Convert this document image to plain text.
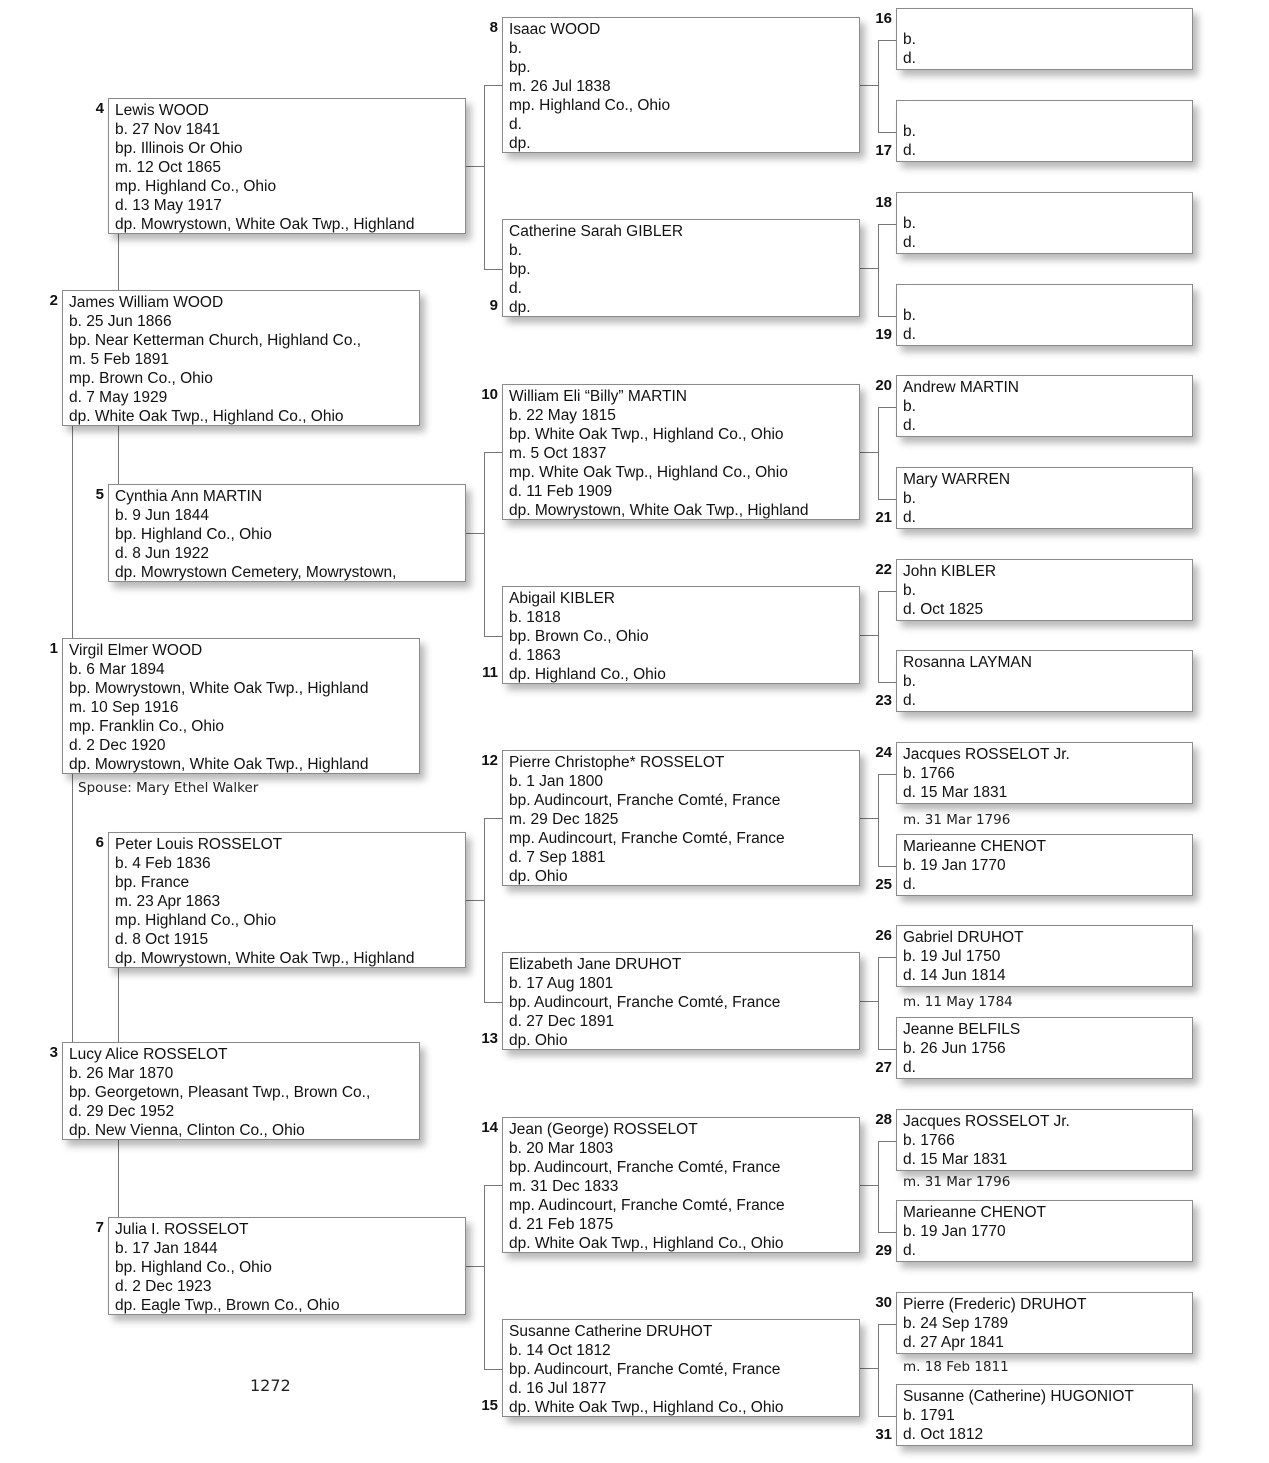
Virgil Elmer WOOD
b. 6 Mar 1894
bp. Mowrystown, White Oak Twp., Highland
m. 10 Sep 1916
mp. Franklin Co., Ohio
d. 2 Dec 1920
dp. Mowrystown, White Oak Twp., Highland
1
James William WOOD
b. 25 Jun 1866
bp. Near Ketterman Church, Highland Co.,
m. 5 Feb 1891
mp. Brown Co., Ohio
d. 7 May 1929
dp. White Oak Twp., Highland Co., Ohio
2
Lucy Alice ROSSELOT
b. 26 Mar 1870
bp. Georgetown, Pleasant Twp., Brown Co.,
d. 29 Dec 1952
dp. New Vienna, Clinton Co., Ohio
3
Lewis WOOD
b. 27 Nov 1841
bp. Illinois Or Ohio
m. 12 Oct 1865
mp. Highland Co., Ohio
d. 13 May 1917
dp. Mowrystown, White Oak Twp., Highland
4
Cynthia Ann MARTIN
b. 9 Jun 1844
bp. Highland Co., Ohio
d. 8 Jun 1922
dp. Mowrystown Cemetery, Mowrystown,
5
Peter Louis ROSSELOT
b. 4 Feb 1836
bp. France
m. 23 Apr 1863
mp. Highland Co., Ohio
d. 8 Oct 1915
dp. Mowrystown, White Oak Twp., Highland
6
Julia I. ROSSELOT
b. 17 Jan 1844
bp. Highland Co., Ohio
d. 2 Dec 1923
dp. Eagle Twp., Brown Co., Ohio
7
Isaac WOOD
b.
bp.
m. 26 Jul 1838
mp. Highland Co., Ohio
d.
dp.
8
Catherine Sarah GIBLER
b.
bp.
d.
dp.
9
William Eli “Billy” MARTIN
b. 22 May 1815
bp. White Oak Twp., Highland Co., Ohio
m. 5 Oct 1837
mp. White Oak Twp., Highland Co., Ohio
d. 11 Feb 1909
dp. Mowrystown, White Oak Twp., Highland
10
Abigail KIBLER
b. 1818
bp. Brown Co., Ohio
d. 1863
dp. Highland Co., Ohio
11
Pierre Christophe* ROSSELOT
b. 1 Jan 1800
bp. Audincourt, Franche Comté, France
m. 29 Dec 1825
mp. Audincourt, Franche Comté, France
d. 7 Sep 1881
dp. Ohio
12
Elizabeth Jane DRUHOT
b. 17 Aug 1801
bp. Audincourt, Franche Comté, France
d. 27 Dec 1891
dp. Ohio
13
Jean (George) ROSSELOT
b. 20 Mar 1803
bp. Audincourt, Franche Comté, France
m. 31 Dec 1833
mp. Audincourt, Franche Comté, France
d. 21 Feb 1875
dp. White Oak Twp., Highland Co., Ohio
14
Susanne Catherine DRUHOT
b. 14 Oct 1812
bp. Audincourt, Franche Comté, France
d. 16 Jul 1877
dp. White Oak Twp., Highland Co., Ohio
15
b.
d.
16
b.
d.
17
b.
d.
18
b.
d.
19
Andrew MARTIN
b.
d.
20
Mary WARREN
b.
d.
21
John KIBLER
b.
d. Oct 1825
22
Rosanna LAYMAN
b.
d.
23
Jacques ROSSELOT Jr.
b. 1766
d. 15 Mar 1831
24
Marieanne CHENOT
b. 19 Jan 1770
d.
25
Gabriel DRUHOT
b. 19 Jul 1750
d. 14 Jun 1814
26
Jeanne BELFILS
b. 26 Jun 1756
d.
27
Jacques ROSSELOT Jr.
b. 1766
d. 15 Mar 1831
28
Marieanne CHENOT
b. 19 Jan 1770
d.
29
Pierre (Frederic) DRUHOT
b. 24 Sep 1789
d. 27 Apr 1841
30
Susanne (Catherine) HUGONIOT
b. 1791
d. Oct 1812
31
m. 31 Mar 1796
m. 11 May 1784
m. 31 Mar 1796
m. 18 Feb 1811
Spouse: Mary Ethel Walker
1272
